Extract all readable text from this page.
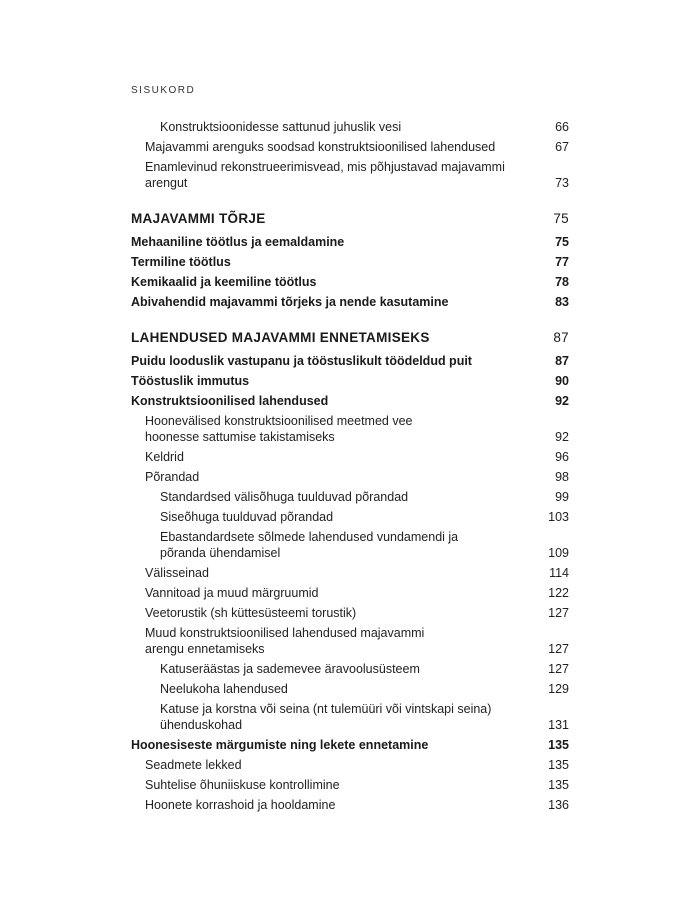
SISUKORD
Konstruktsioonidesse sattunud juhuslik vesi	66
Majavammi arenguks soodsad konstruktsioonilised lahendused	67
Enamlevinud rekonstrueerimisvead, mis põhjustavad majavammi arengut	73
MAJAVAMMI TÕRJE	75
Mehaaniline töötlus ja eemaldamine	75
Termiline töötlus	77
Kemikaalid ja keemiline töötlus	78
Abivahendid majavammi tõrjeks ja nende kasutamine	83
LAHENDUSED MAJAVAMMI ENNETAMISEKS	87
Puidu looduslik vastupanu ja tööstuslikult töödeldud puit	87
Tööstuslik immutus	90
Konstruktsioonilised lahendused	92
Hoonevälised konstruktsioonilised meetmed vee
hoonesse sattumise takistamiseks	92
Keldrid	96
Põrandad	98
Standardsed välisõhuga tuulduvad põrandad	99
Siseõhuga tuulduvad põrandad	103
Ebastandardsete sõlmede lahendused vundamendi ja
põranda ühendamisel	109
Välisseinad	114
Vannitoad ja muud märgruumid	122
Veetorustik (sh küttesüsteemi torustik)	127
Muud konstruktsioonilised lahendused majavammi
arengu ennetamiseks	127
Katuseräästas ja sademevee äravoolusüsteem	127
Neelukoha lahendused	129
Katuse ja korstna või seina (nt tulemüüri või vintskapi seina)
ühenduskohad	131
Hoonesiseste märgumiste ning lekete ennetamine	135
Seadmete lekked	135
Suhtelise õhuniiskuse kontrollimine	135
Hoonete korrashoid ja hooldamine	136
